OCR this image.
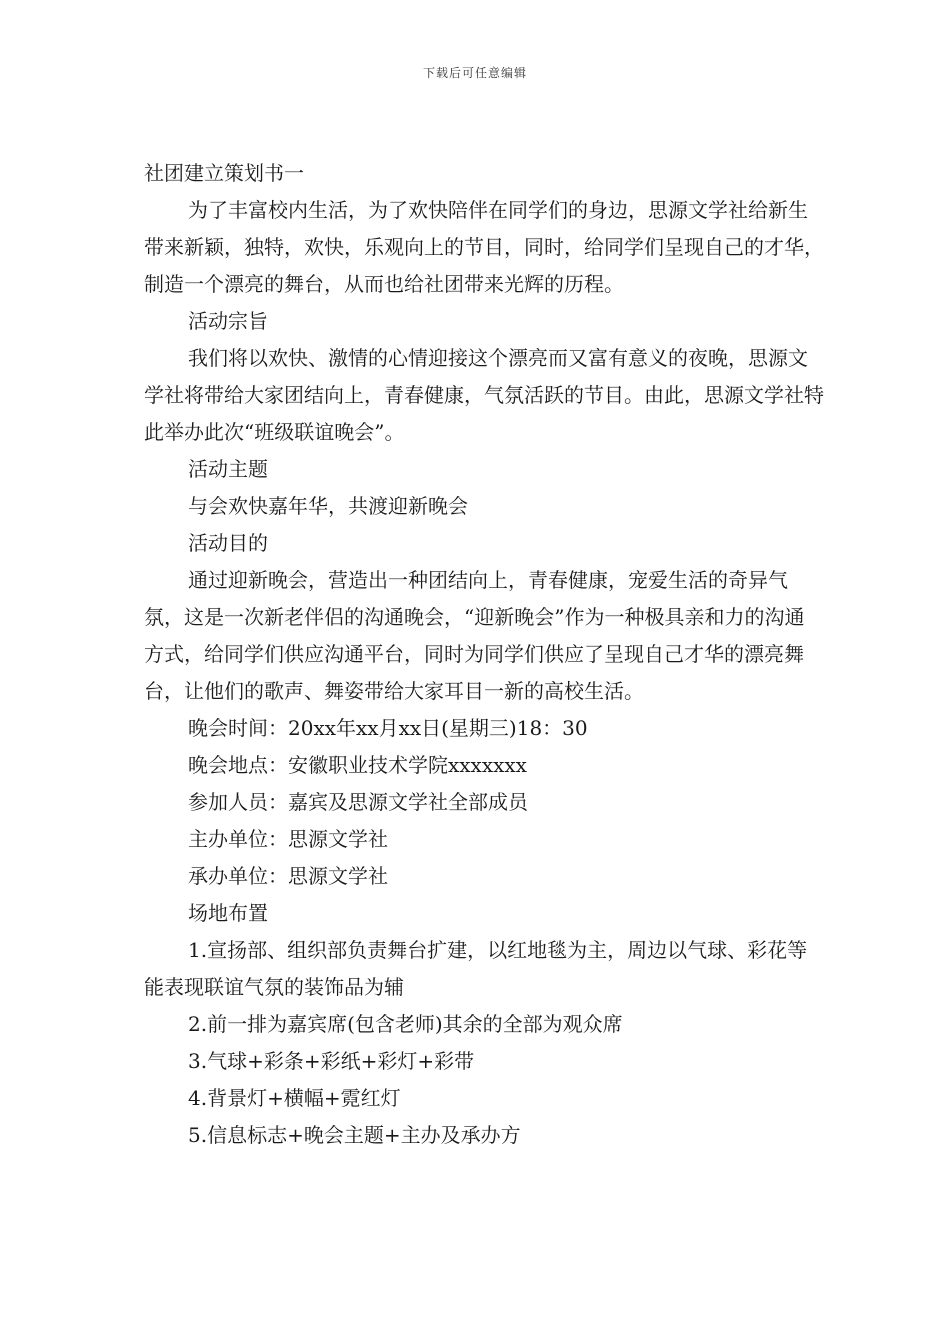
下载后可任意编辑

社团建立策划书一

为了丰富校内生活，为了欢快陪伴在同学们的身边，思源文学社给新生带来新颖，独特，欢快，乐观向上的节目，同时，给同学们呈现自己的才华，制造一个漂亮的舞台，从而也给社团带来光辉的历程。

活动宗旨

我们将以欢快、激情的心情迎接这个漂亮而又富有意义的夜晚，思源文学社将带给大家团结向上，青春健康，气氛活跃的节目。由此，思源文学社特此举办此次“班级联谊晚会”。

活动主题

与会欢快嘉年华，共渡迎新晚会

活动目的

通过迎新晚会，营造出一种团结向上，青春健康，宠爱生活的奇异气氛，这是一次新老伴侣的沟通晚会，“迎新晚会”作为一种极具亲和力的沟通方式，给同学们供应沟通平台，同时为同学们供应了呈现自己才华的漂亮舞台，让他们的歌声、舞姿带给大家耳目一新的高校生活。

晚会时间：20xx年xx月xx日(星期三)18：30

晚会地点：安徽职业技术学院xxxxxxx

参加人员：嘉宾及思源文学社全部成员

主办单位：思源文学社

承办单位：思源文学社

场地布置

1.宣扬部、组织部负责舞台扩建，以红地毯为主，周边以气球、彩花等能表现联谊气氛的装饰品为辅

2.前一排为嘉宾席(包含老师)其余的全部为观众席

3.气球+彩条+彩纸+彩灯+彩带

4.背景灯+横幅+霓红灯

5.信息标志+晚会主题+主办及承办方
